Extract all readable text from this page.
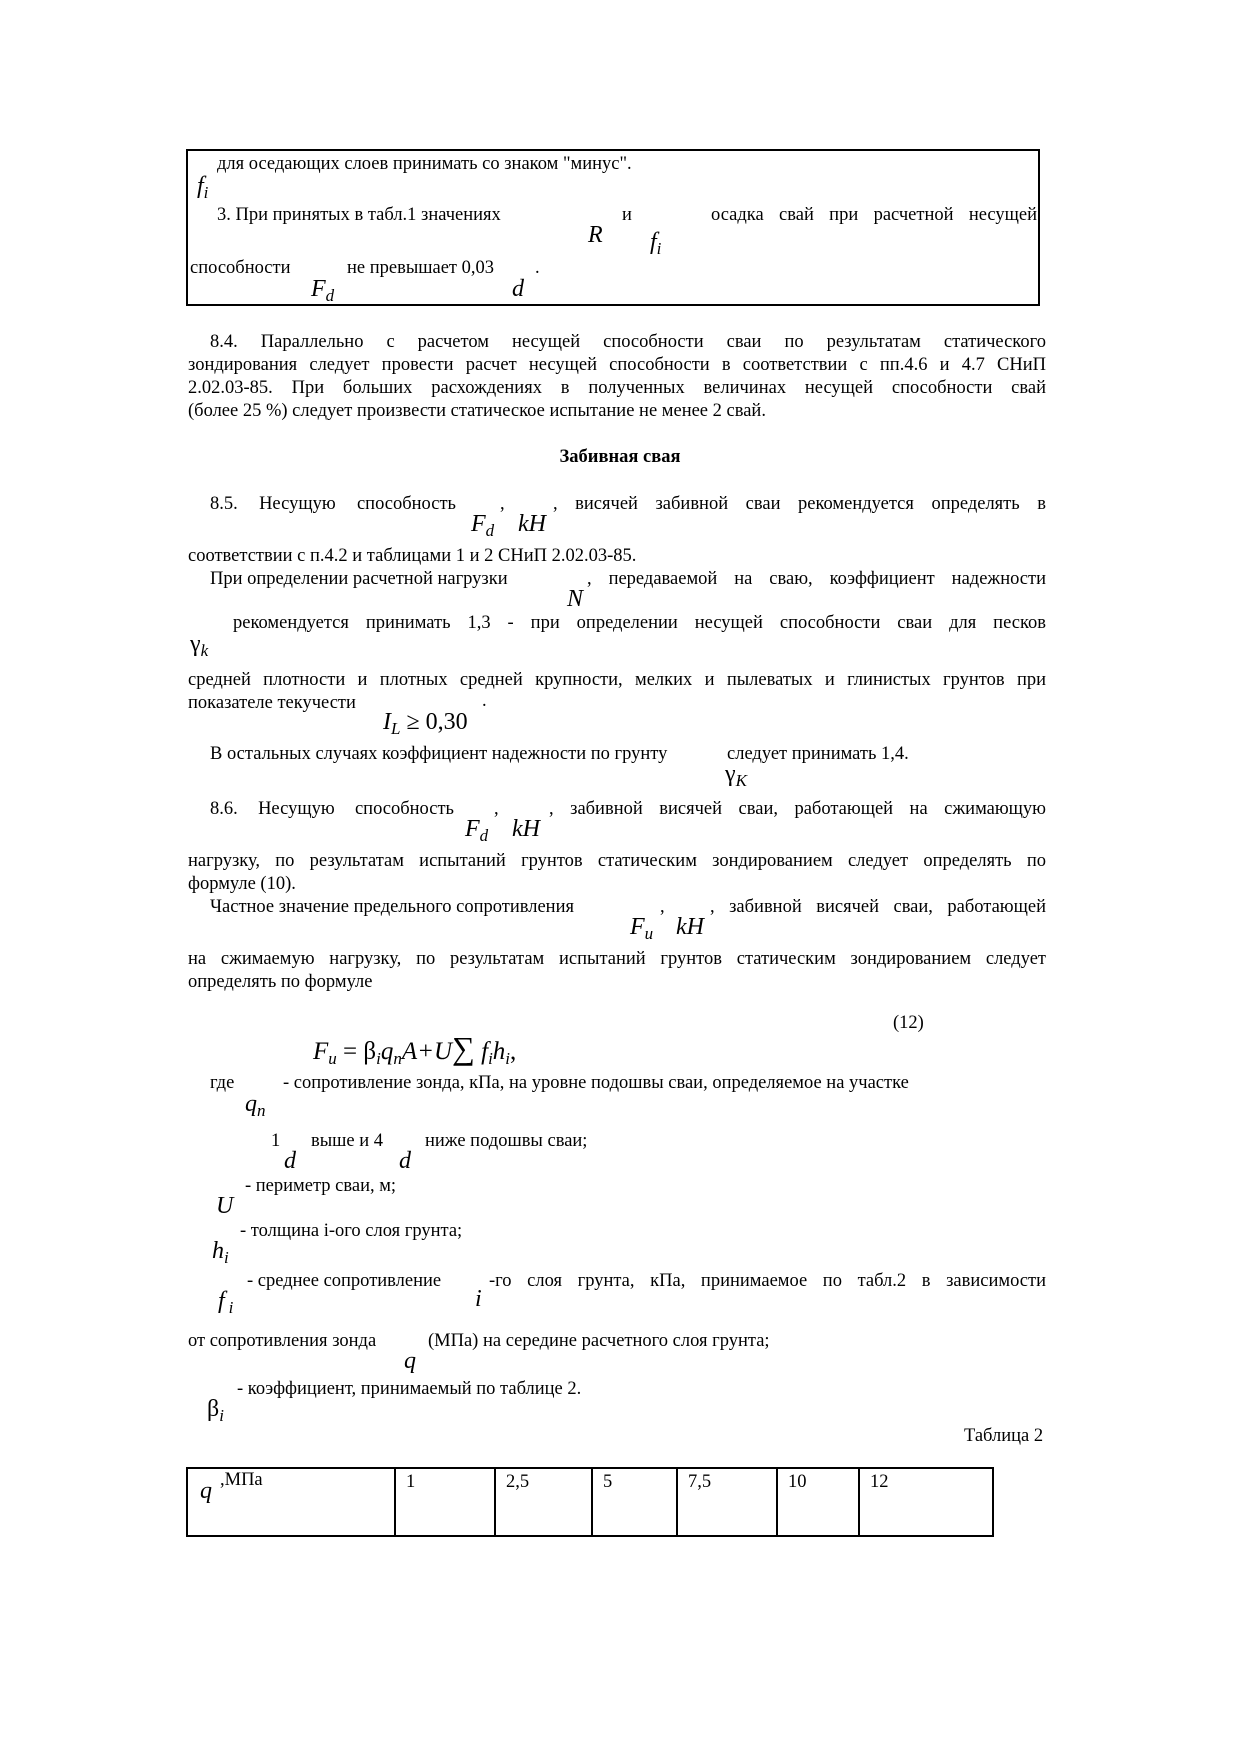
для оседающих слоев принимать со знаком "минус".
$f_i$
3. При принятых в табл.1 значениях	и	осадка свай при расчетной несущей
R $f_i$
способности	не превышает 0,03 .
$F_d$	d
8.4. Параллельно с расчетом несущей способности сваи по результатам статического
зондирования следует провести расчет несущей способности в соответствии с пп.4.6 и 4.7 СНиП
2.02.03-85. При больших расхождениях в полученных величинах несущей способности свай
(более 25 %) следует произвести статическое испытание не менее 2 свай.
Забивная свая
8.5. Несущую способность ,	, висячей забивной сваи рекомендуется определять в
$F_d$ kH
соответствии с п.4.2 и таблицами 1 и 2 СНиП 2.02.03-85.
При определении расчетной нагрузки	, передаваемой на сваю, коэффициент надежности
N
рекомендуется принимать 1,3 - при определении несущей способности сваи для песков
$\gamma_k$
средней плотности и плотных средней крупности, мелких и пылеватых и глинистых грунтов при
показателе текучести	.
$I_L \ge 0,30$
В остальных случаях коэффициент надежности по грунту	следует принимать 1,4.
$\gamma_K$
8.6. Несущую способность ,	, забивной висячей сваи, работающей на сжимающую
$F_d$ kH
нагрузку, по результатам испытаний грунтов статическим зондированием следует определять по
формуле (10).
Частное значение предельного сопротивления	, , забивной висячей сваи, работающей
$F_u$ kH
на сжимаемую нагрузку, по результатам испытаний грунтов статическим зондированием следует
определять по формуле
(12)
$F_u = \beta_iq_nA+U\sum$ $f_ih_i$,
где	- сопротивление зонда, кПа, на уровне подошвы сваи, определяемое на участке
$q_n$
1 выше и 4 ниже подошвы сваи;
d	d
- периметр сваи, м;
U
- толщина i-ого слоя грунта;
$h_i$
- среднее сопротивление	-го слоя грунта, кПа, принимаемое по табл.2 в зависимости
i
f $_i$
от сопротивления зонда	(МПа) на середине расчетного слоя грунта;
q
- коэффициент, принимаемый по таблице 2.
$\beta_i$
Таблица 2
q ,МПа	1	2,5	5	7,5	10	12
